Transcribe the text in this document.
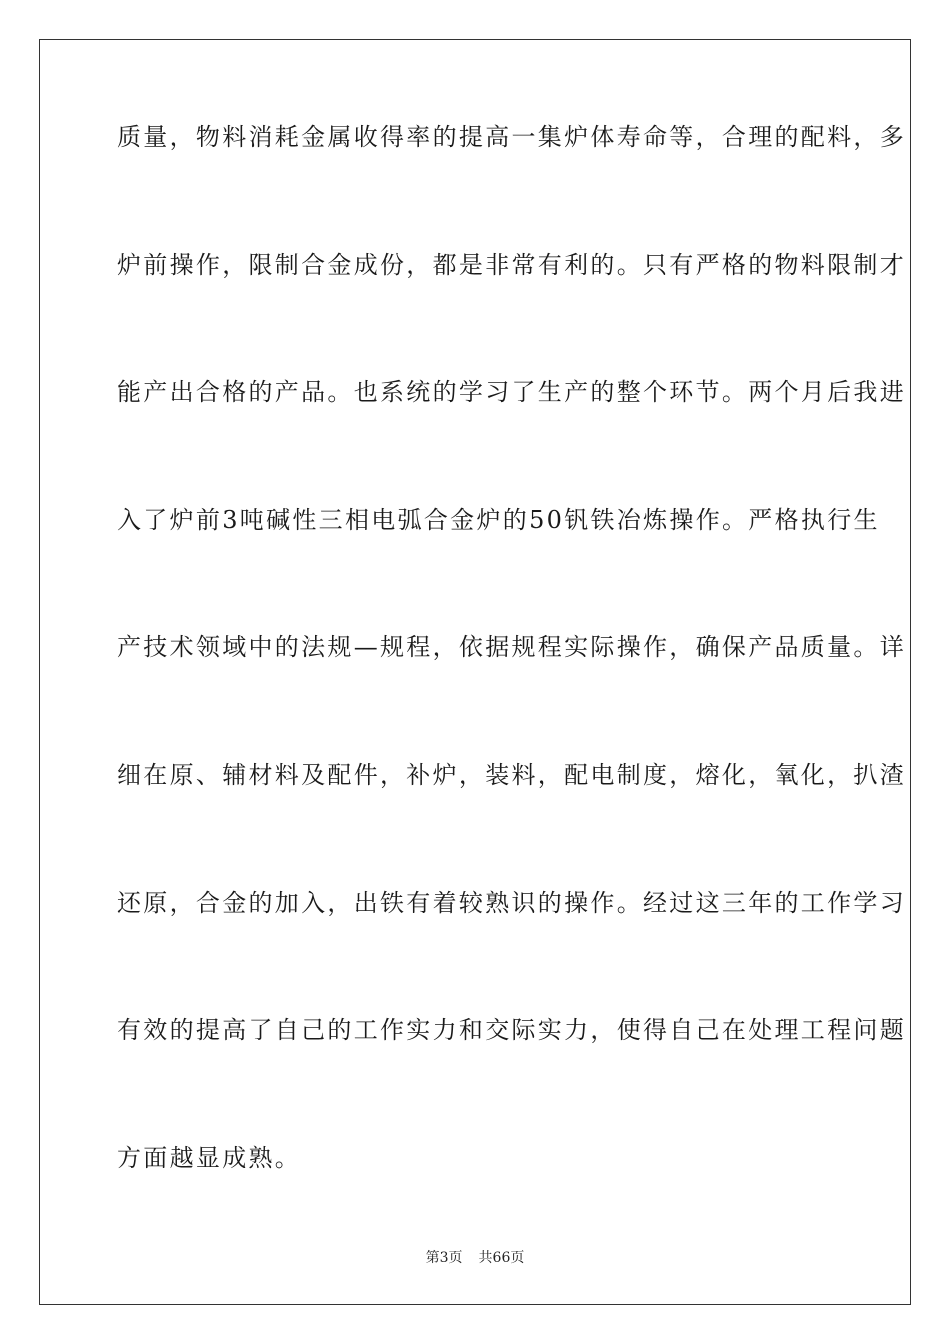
质量，物料消耗金属收得率的提高一集炉体寿命等，合理的配料，多
炉前操作，限制合金成份，都是非常有利的。只有严格的物料限制才
能产出合格的产品。也系统的学习了生产的整个环节。两个月后我进
入了炉前3吨碱性三相电弧合金炉的50钒铁冶炼操作。严格执行生
产技术领域中的法规—规程，依据规程实际操作，确保产品质量。详
细在原、辅材料及配件，补炉，装料，配电制度，熔化，氧化，扒渣
还原，合金的加入，出铁有着较熟识的操作。经过这三年的工作学习
有效的提高了自己的工作实力和交际实力，使得自己在处理工程问题
方面越显成熟。
第3页 共66页
